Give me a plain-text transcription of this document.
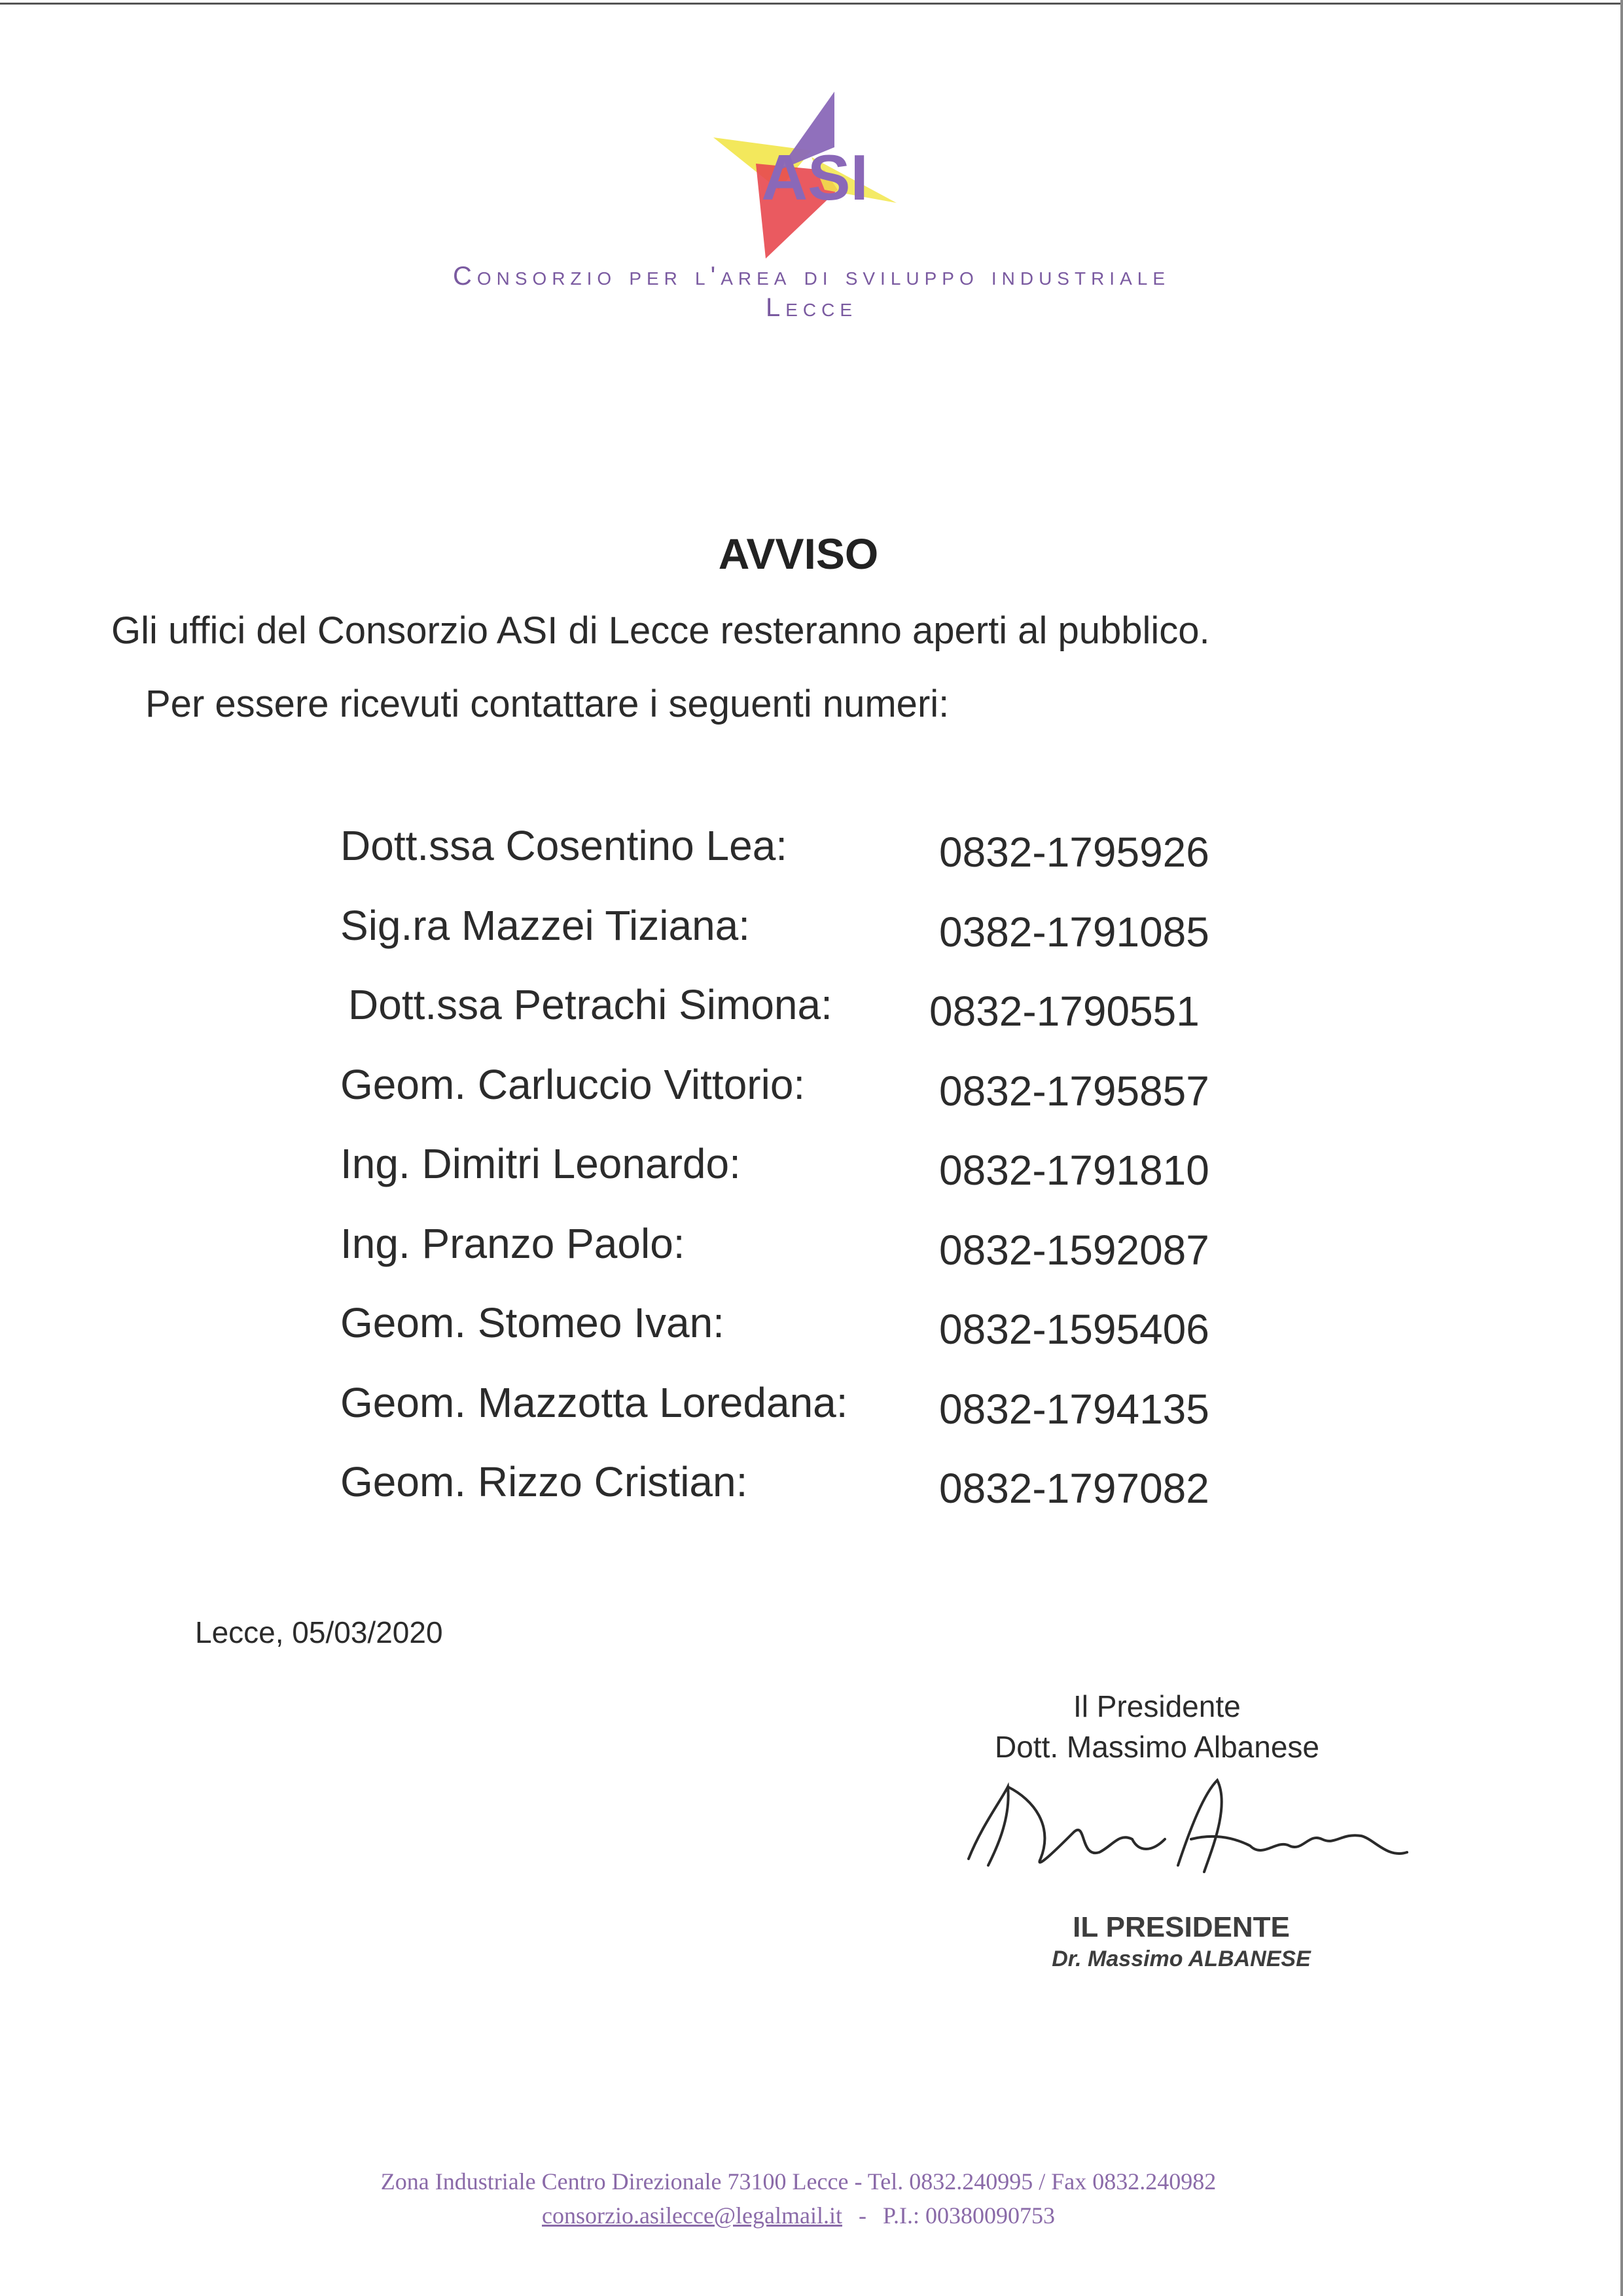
ASI
Consorzio per l'area di sviluppo industriale
Lecce
AVVISO
Gli uffici del Consorzio ASI di Lecce resteranno aperti al pubblico.
Per essere ricevuti contattare i seguenti numeri:
Dott.ssa Cosentino Lea:	0832-1795926
Sig.ra Mazzei Tiziana:	0382-1791085
Dott.ssa Petrachi Simona: 0832-1790551
Geom. Carluccio Vittorio:	0832-1795857
Ing. Dimitri Leonardo:	0832-1791810
Ing. Pranzo Paolo:	0832-1592087
Geom. Stomeo Ivan:	0832-1595406
Geom. Mazzotta Loredana: 0832-1794135
Geom. Rizzo Cristian:	0832-1797082
Lecce, 05/03/2020
Il Presidente
Dott. Massimo Albanese
IL PRESIDENTE
Dr. Massimo ALBANESE
Zona Industriale Centro Direzionale 73100 Lecce - Tel. 0832.240995 / Fax 0832.240982
consorzio.asilecce@legalmail.it - P.I.: 00380090753
